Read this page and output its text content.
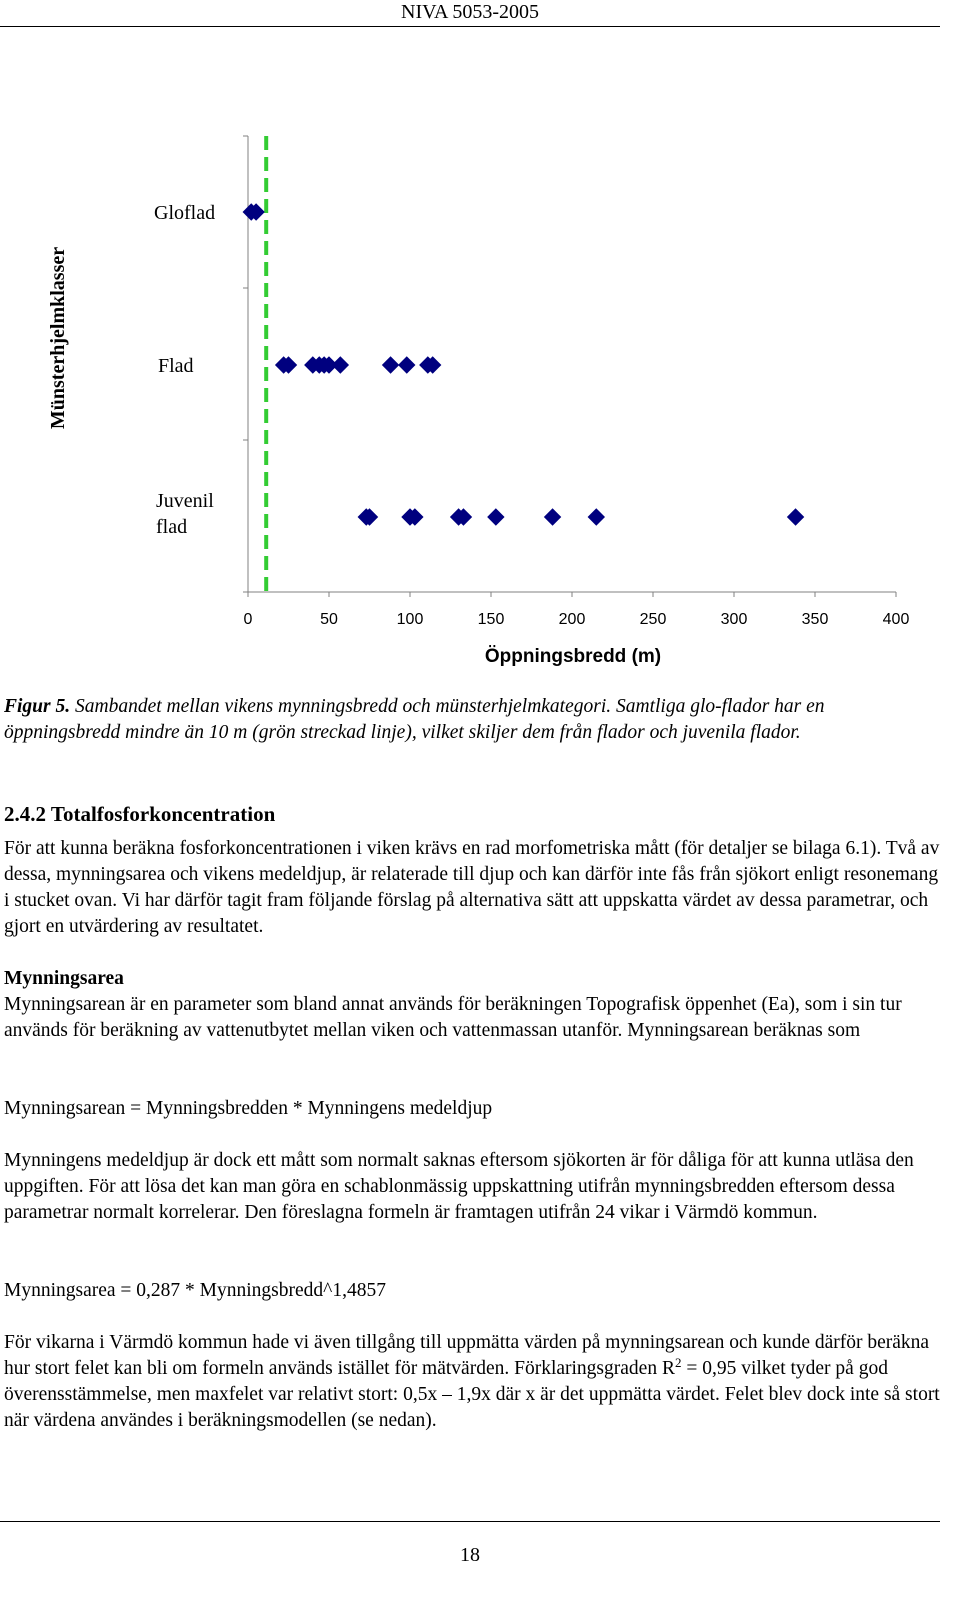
NIVA 5053-2005
Münsterhjelmklasser
Gloflad
Flad
Juvenil flad
0	50	100	150	200	250	300	350	400
Öppningsbredd (m)

Figur 5. Sambandet mellan vikens mynningsbredd och münsterhjelmkategori. Samtliga glo-flador har en öppningsbredd mindre än 10 m (grön streckad linje), vilket skiljer dem från flador och juvenila flador.

2.4.2 Totalfosforkoncentration

För att kunna beräkna fosforkoncentrationen i viken krävs en rad morfometriska mått (för detaljer se bilaga 6.1). Två av dessa, mynningsarea och vikens medeldjup, är relaterade till djup och kan därför inte fås från sjökort enligt resonemang i stucket ovan. Vi har därför tagit fram följande förslag på alternativa sätt att uppskatta värdet av dessa parametrar, och gjort en utvärdering av resultatet.

Mynningsarea
Mynningsarean är en parameter som bland annat används för beräkningen Topografisk öppenhet (Ea), som i sin tur används för beräkning av vattenutbytet mellan viken och vattenmassan utanför. Mynningsarean beräknas som

Mynningsarean = Mynningsbredden * Mynningens medeldjup

Mynningens medeldjup är dock ett mått som normalt saknas eftersom sjökorten är för dåliga för att kunna utläsa den uppgiften. För att lösa det kan man göra en schablonmässig uppskattning utifrån mynningsbredden eftersom dessa parametrar normalt korrelerar. Den föreslagna formeln är framtagen utifrån 24 vikar i Värmdö kommun.

Mynningsarea = 0,287 * Mynningsbredd^1,4857

För vikarna i Värmdö kommun hade vi även tillgång till uppmätta värden på mynningsarean och kunde därför beräkna hur stort felet kan bli om formeln används istället för mätvärden. Förklaringsgraden $R^2 = 0,95$ vilket tyder på god överensstämmelse, men maxfelet var relativt stort: 0,5x – 1,9x där x är det uppmätta värdet. Felet blev dock inte så stort när värdena användes i beräkningsmodellen (se nedan).

18
